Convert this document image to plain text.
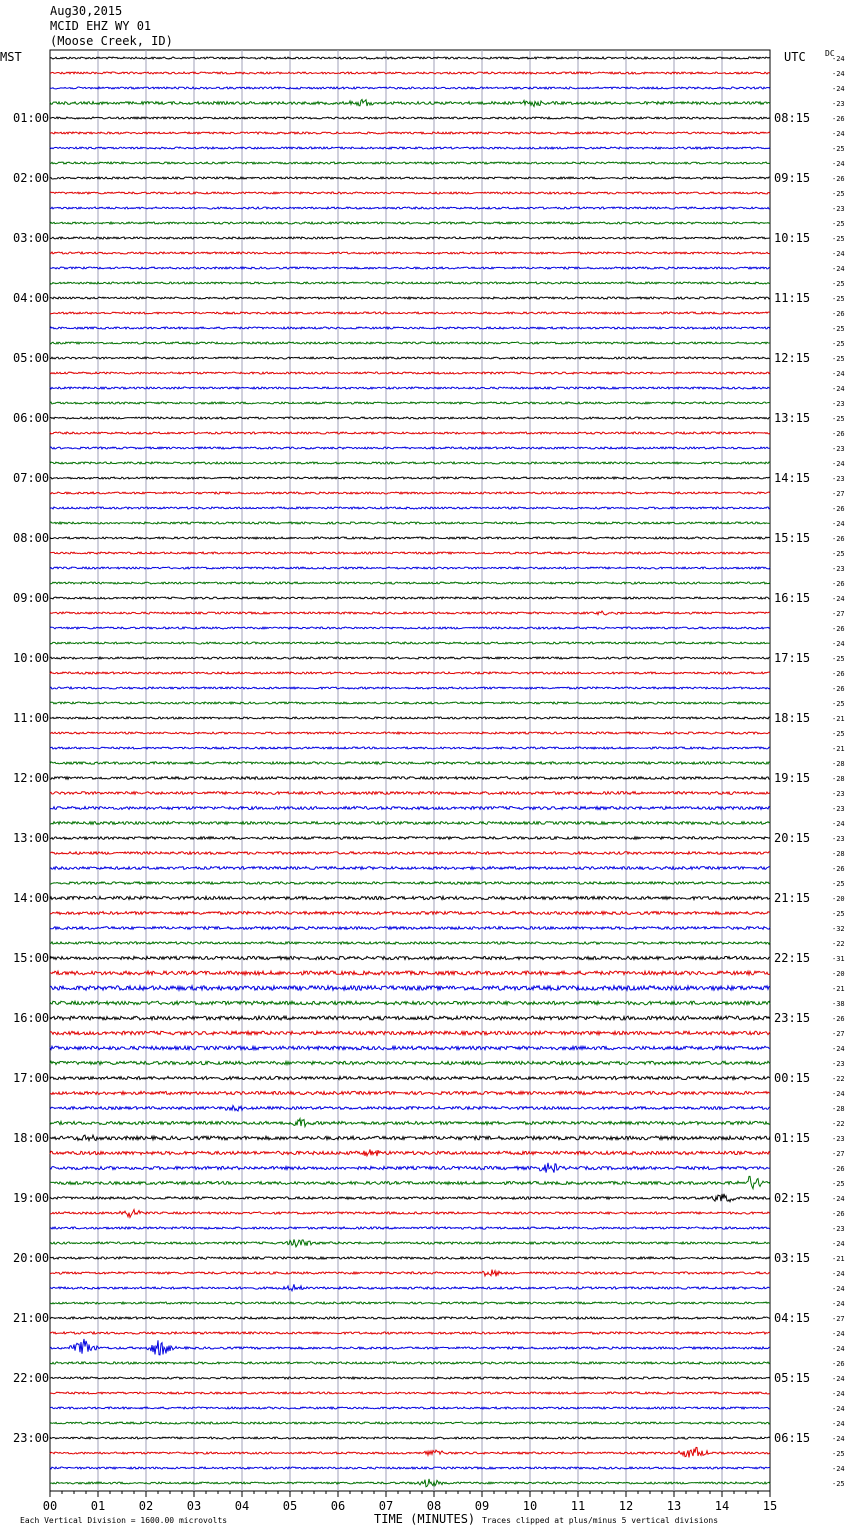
Aug30,2015
MCID EHZ WY 01
(Moose Creek, ID)
MST	UTC DC
-24
-24
-24
-23
-26
-24
-25
-24
-26
-25
-23
-25
-25
-24
-24
-25
-25
-26
-25
-25
-25
-24
-24
-23
-25
-26
-23
-24
-23
-27
-26
-24
-26
-25
-23
-26
-24
-27
-26
-24
-25
-26
-26
-25
-21
-25
-21
-28
-28
-23
-23
-24
-23
-28
-26
-25
-20
-25
-32
-22
-31
-20
-21
-38
-26
-27
-24
-23
-22
-24
-28
-22
-23
-27
-26
-25
-24
-26
-23
-24
-21
-24
-24
-24
-27
-24
-24
-26
-24
-24
-24
-24
-24
-25
-24
-25
01:00
02:00
03:00
04:00
05:00
06:00
07:00
08:00
09:00
10:00
11:00
12:00
13:00
14:00
15:00
16:00
17:00
18:00
19:00
20:00
21:00
22:00
23:00
08:15
09:15
10:15
11:15
12:15
13:15
14:15
15:15
16:15
17:15
18:15
19:15
20:15
21:15
22:15
23:15
00:15
01:15
02:15
03:15
04:15
05:15
06:15
00	01	02	03	04	05	06	07	08	09	10	11	12	13	14	15
Each Vertical Division = 1600.00 microvolts	TIME (MINUTES) Traces clipped at plus/minus 5 vertical divisions
